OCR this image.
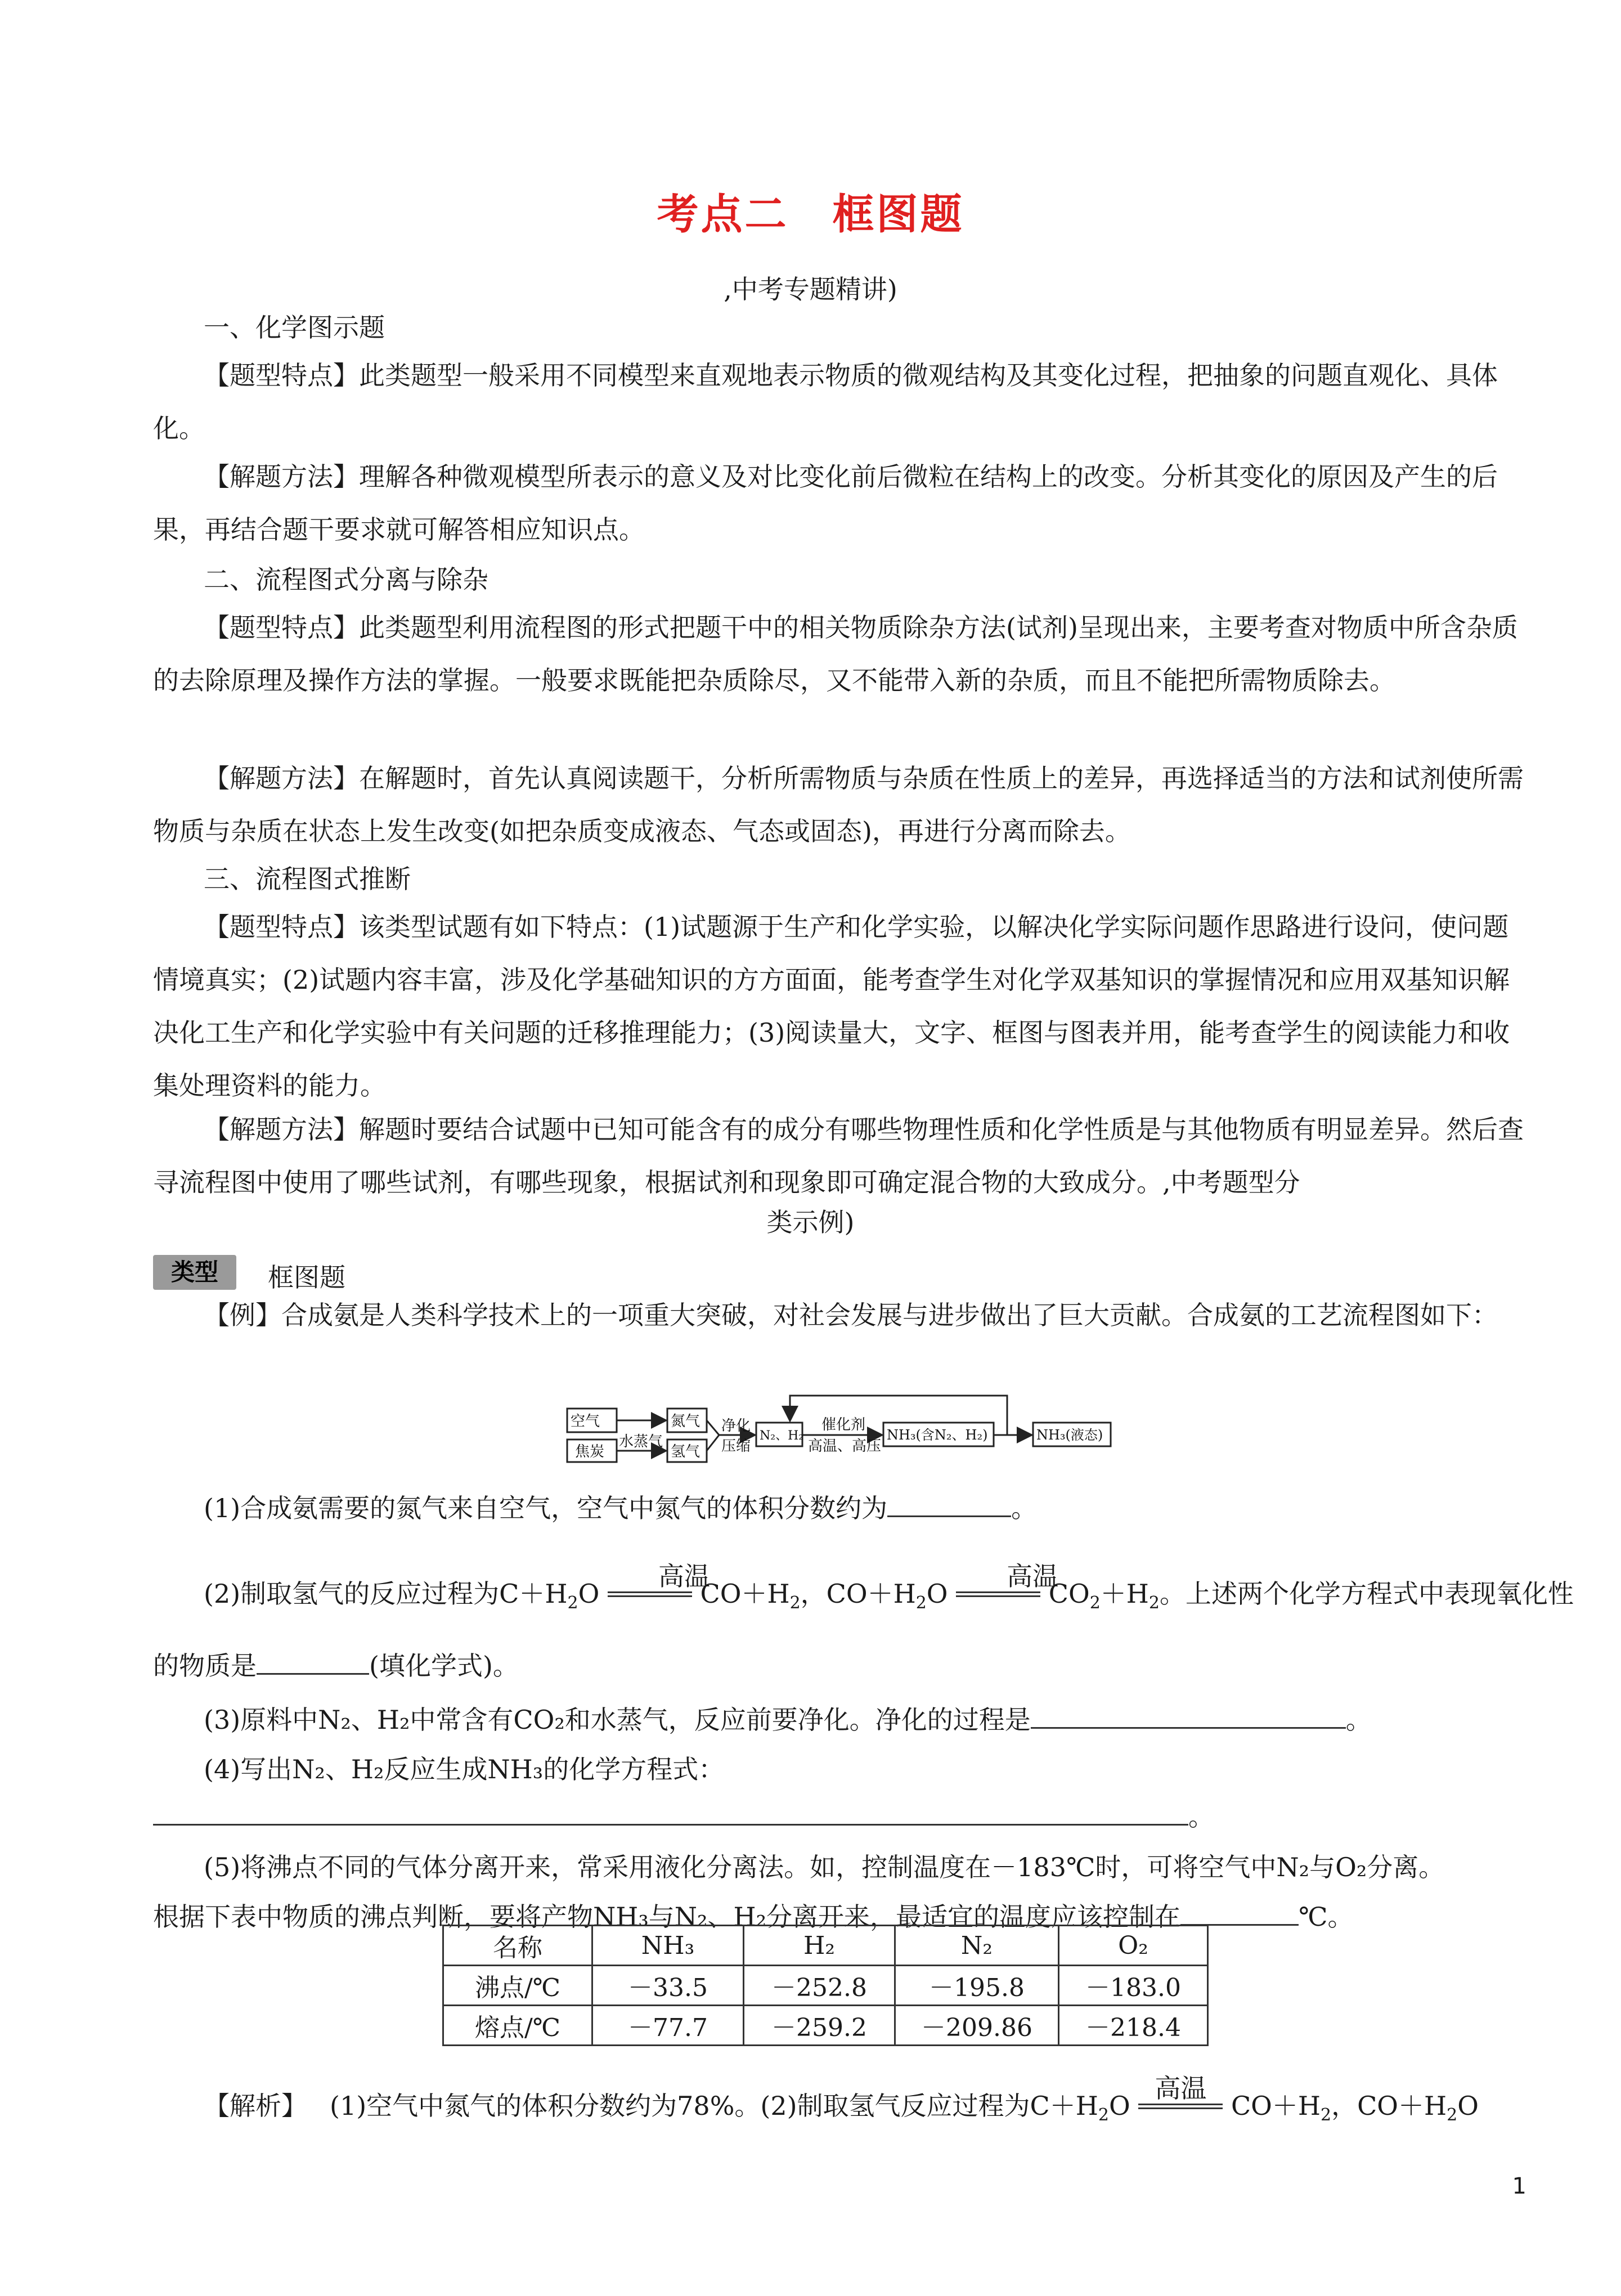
考点二　框图题
,中考专题精讲)
一、化学图示题

【题型特点】此类题型一般采用不同模型来直观地表示物质的微观结构及其变化过程，把抽象的问题直观化、具体化。

【解题方法】理解各种微观模型所表示的意义及对比变化前后微粒在结构上的改变。分析其变化的原因及产生的后果，再结合题干要求就可解答相应知识点。

二、流程图式分离与除杂

【题型特点】此类题型利用流程图的形式把题干中的相关物质除杂方法(试剂)呈现出来，主要考查对物质中所含杂质的去除原理及操作方法的掌握。一般要求既能把杂质除尽，又不能带入新的杂质，而且不能把所需物质除去。

【解题方法】在解题时，首先认真阅读题干，分析所需物质与杂质在性质上的差异，再选择适当的方法和试剂使所需物质与杂质在状态上发生改变(如把杂质变成液态、气态或固态)，再进行分离而除去。

三、流程图式推断

【题型特点】该类型试题有如下特点：(1)试题源于生产和化学实验，以解决化学实际问题作思路进行设问，使问题情境真实；(2)试题内容丰富，涉及化学基础知识的方方面面，能考查学生对化学双基知识的掌握情况和应用双基知识解决化工生产和化学实验中有关问题的迁移推理能力；(3)阅读量大，文字、框图与图表并用，能考查学生的阅读能力和收集处理资料的能力。

【解题方法】解题时要结合试题中已知可能含有的成分有哪些物理性质和化学性质是与其他物质有明显差异。然后查寻流程图中使用了哪些试剂，有哪些现象，根据试剂和现象即可确定混合物的大致成分。,中考题型分

类示例)
类型	框图题

【例】合成氨是人类科学技术上的一项重大突破，对社会发展与进步做出了巨大贡献。合成氨的工艺流程图如下：

空气
焦炭
水蒸气
氮气
氢气
净化
压缩
N₂、H₂
催化剂
高温、高压
NH₃(含N₂、H₂)	NH₃(液态)
(1)合成氨需要的氮气来自空气，空气中氮气的体积分数约为	。
(2)制取氢气的反应过程为$C+H_2O$
高温
$CO+H_2$，$CO+H_2O$
高温
$CO_2+H_2$。上述两个化学方程式中表现氧化性
的物质是	(填化学式)。
(3)原料中N₂、H₂中常含有CO₂和水蒸气，反应前要净化。净化的过程是	。
(4)写出N₂、H₂反应生成NH₃的化学方程式：
。
(5)将沸点不同的气体分离开来，常采用液化分离法。如，控制温度在－183℃时，可将空气中N₂与O₂分离。
根据下表中物质的沸点判断，要将产物NH₃与N₂、H₂分离开来，最适宜的温度应该控制在	℃。
名称	NH₃	H₂	N₂	O₂
沸点/℃	－33.5	－252.8	－195.8	－183.0
熔点/℃	－77.7	－259.2	－209.86	－218.4
【解析】 (1)空气中氮气的体积分数约为78%。(2)制取氢气反应过程为$C+H_2O$
高温
$CO+H_2$，$CO+H_2O$
1
